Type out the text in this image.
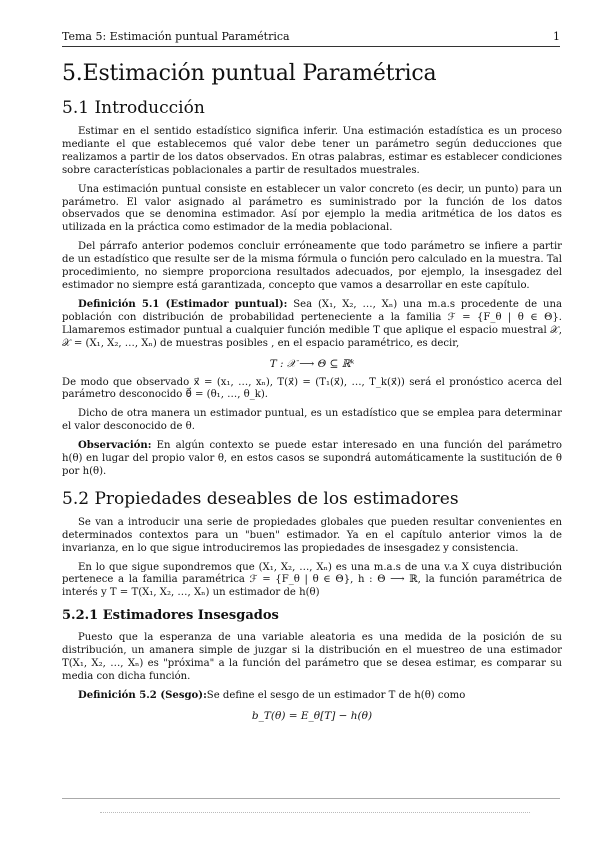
Tema 5: Estimación puntual Paramétrica	1
5.Estimación puntual Paramétrica
5.1 Introducción

Estimar en el sentido estadístico significa inferir. Una estimación estadística es un proceso mediante el que establecemos qué valor debe tener un parámetro según deducciones que realizamos a partir de los datos observados. En otras palabras, estimar es establecer condiciones sobre características poblacionales a partir de resultados muestrales.

Una estimación puntual consiste en establecer un valor concreto (es decir, un punto) para un parámetro. El valor asignado al parámetro es suministrado por la función de los datos observados que se denomina estimador. Así por ejemplo la media aritmética de los datos es utilizada en la práctica como estimador de la media poblacional.

Del párrafo anterior podemos concluir erróneamente que todo parámetro se infiere a partir de un estadístico que resulte ser de la misma fórmula o función pero calculado en la muestra. Tal procedimiento, no siempre proporciona resultados adecuados, por ejemplo, la insesgadez del estimador no siempre está garantizada, concepto que vamos a desarrollar en este capítulo.

Definición 5.1 (Estimador puntual): Sea (X₁, X₂, …, Xₙ) una m.a.s procedente de una población con distribución de probabilidad perteneciente a la familia ℱ = {F_θ | θ ∈ Θ}. Llamaremos estimador puntual a cualquier función medible T que aplique el espacio muestral 𝒳, 𝒳 = (X₁, X₂, …, Xₙ) de muestras posibles , en el espacio paramétrico, es decir,

T : 𝒳 ⟶ Θ ⊆ ℝᵏ

De modo que observado x⃗ = (x₁, …, xₙ), T(x⃗) = (T₁(x⃗), …, T_k(x⃗)) será el pronóstico acerca del parámetro desconocido θ⃗ = (θ₁, …, θ_k).

Dicho de otra manera un estimador puntual, es un estadístico que se emplea para determinar el valor desconocido de θ.

Observación: En algún contexto se puede estar interesado en una función del parámetro h(θ) en lugar del propio valor θ, en estos casos se supondrá automáticamente la sustitución de θ por h(θ).

5.2 Propiedades deseables de los estimadores

Se van a introducir una serie de propiedades globales que pueden resultar convenientes en determinados contextos para un "buen" estimador. Ya en el capítulo anterior vimos la de invarianza, en lo que sigue introduciremos las propiedades de insesgadez y consistencia.

En lo que sigue supondremos que (X₁, X₂, …, Xₙ) es una m.a.s de una v.a X cuya distribución pertenece a la familia paramétrica ℱ = {F_θ | θ ∈ Θ}, h : Θ ⟶ ℝ, la función paramétrica de interés y T = T(X₁, X₂, …, Xₙ) un estimador de h(θ)

5.2.1 Estimadores Insesgados

Puesto que la esperanza de una variable aleatoria es una medida de la posición de su distribución, un amanera simple de juzgar si la distribución en el muestreo de una estimador T(X₁, X₂, …, Xₙ) es "próxima" a la función del parámetro que se desea estimar, es comparar su media con dicha función.

Definición 5.2 (Sesgo):Se define el sesgo de un estimador T de h(θ) como

b_T(θ) = E_θ[T] − h(θ)
